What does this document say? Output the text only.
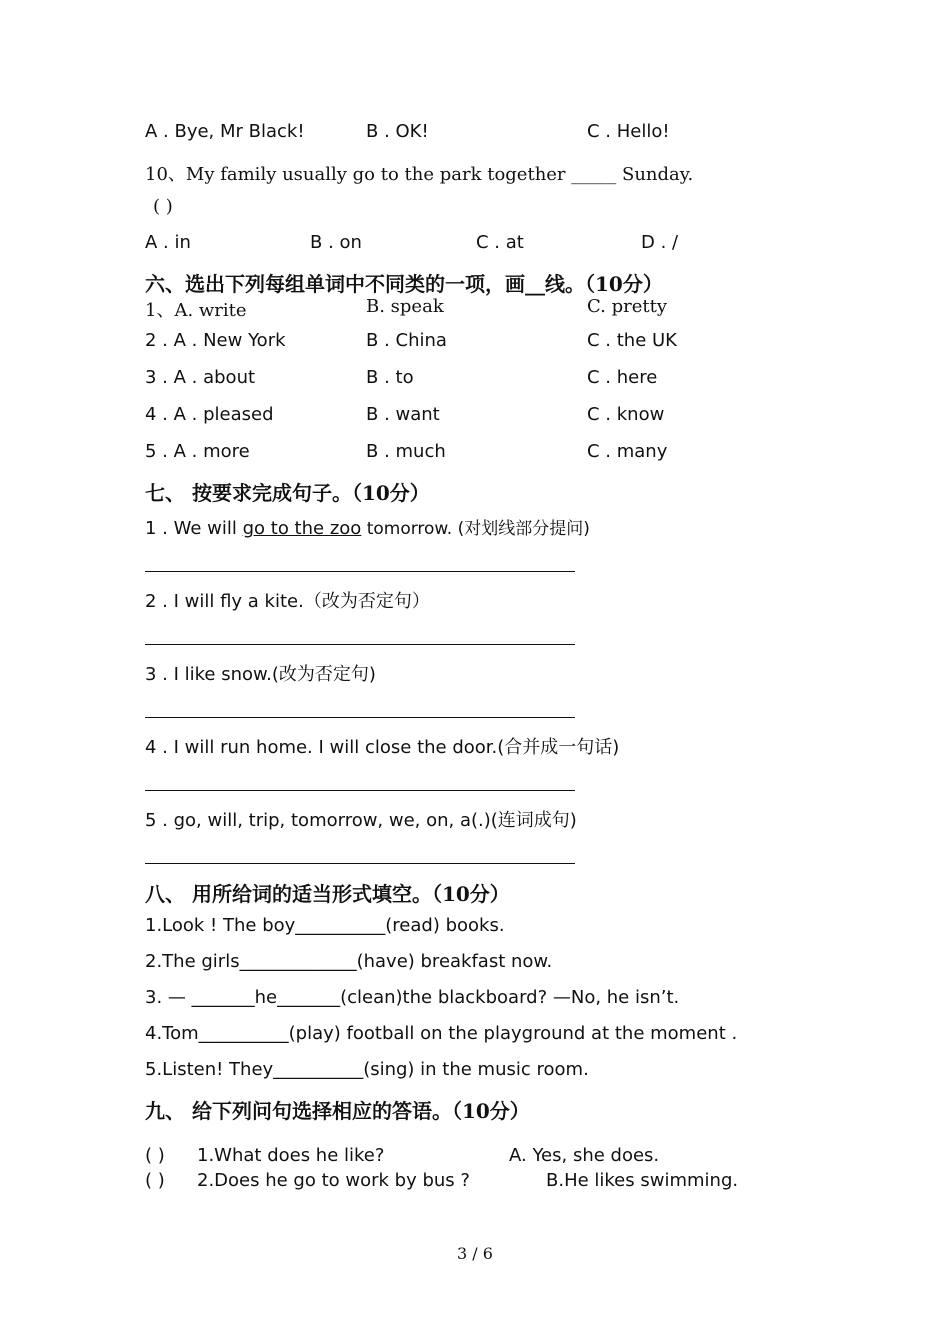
A . Bye, Mr Black!	B . OK!	C . Hello!
10、My family usually go to the park together _____ Sunday.
( )
A . in	B . on	C . at	D . /
六、选出下列每组单词中不同类的一项，画__线。（10分）
1、A. write	B. speak	C. pretty
2 . A . New York	B . China	C . the UK
3 . A . about	B . to	C . here
4 . A . pleased	B . want	C . know
5 . A . more	B . much	C . many
七、 按要求完成句子。（10分）
1 . We will go to the zoo tomorrow. (对划线部分提问)
2 . I will fly a kite.（改为否定句）
3 . I like snow.(改为否定句)
4 . I will run home. I will close the door.(合并成一句话)
5 . go, will, trip, tomorrow, we, on, a(.)(连词成句)
八、 用所给词的适当形式填空。（10分）
1.Look ! The boy__________(read) books.
2.The girls_____________(have) breakfast now.
3. — _______he_______(clean)the blackboard? —No, he isn’t.
4.Tom__________(play) football on the playground at the moment .
5.Listen! They__________(sing) in the music room.
九、 给下列问句选择相应的答语。（10分）
( ) 1.What does he like?	A. Yes, she does.
( ) 2.Does he go to work by bus ?	B.He likes swimming.
3 / 6
